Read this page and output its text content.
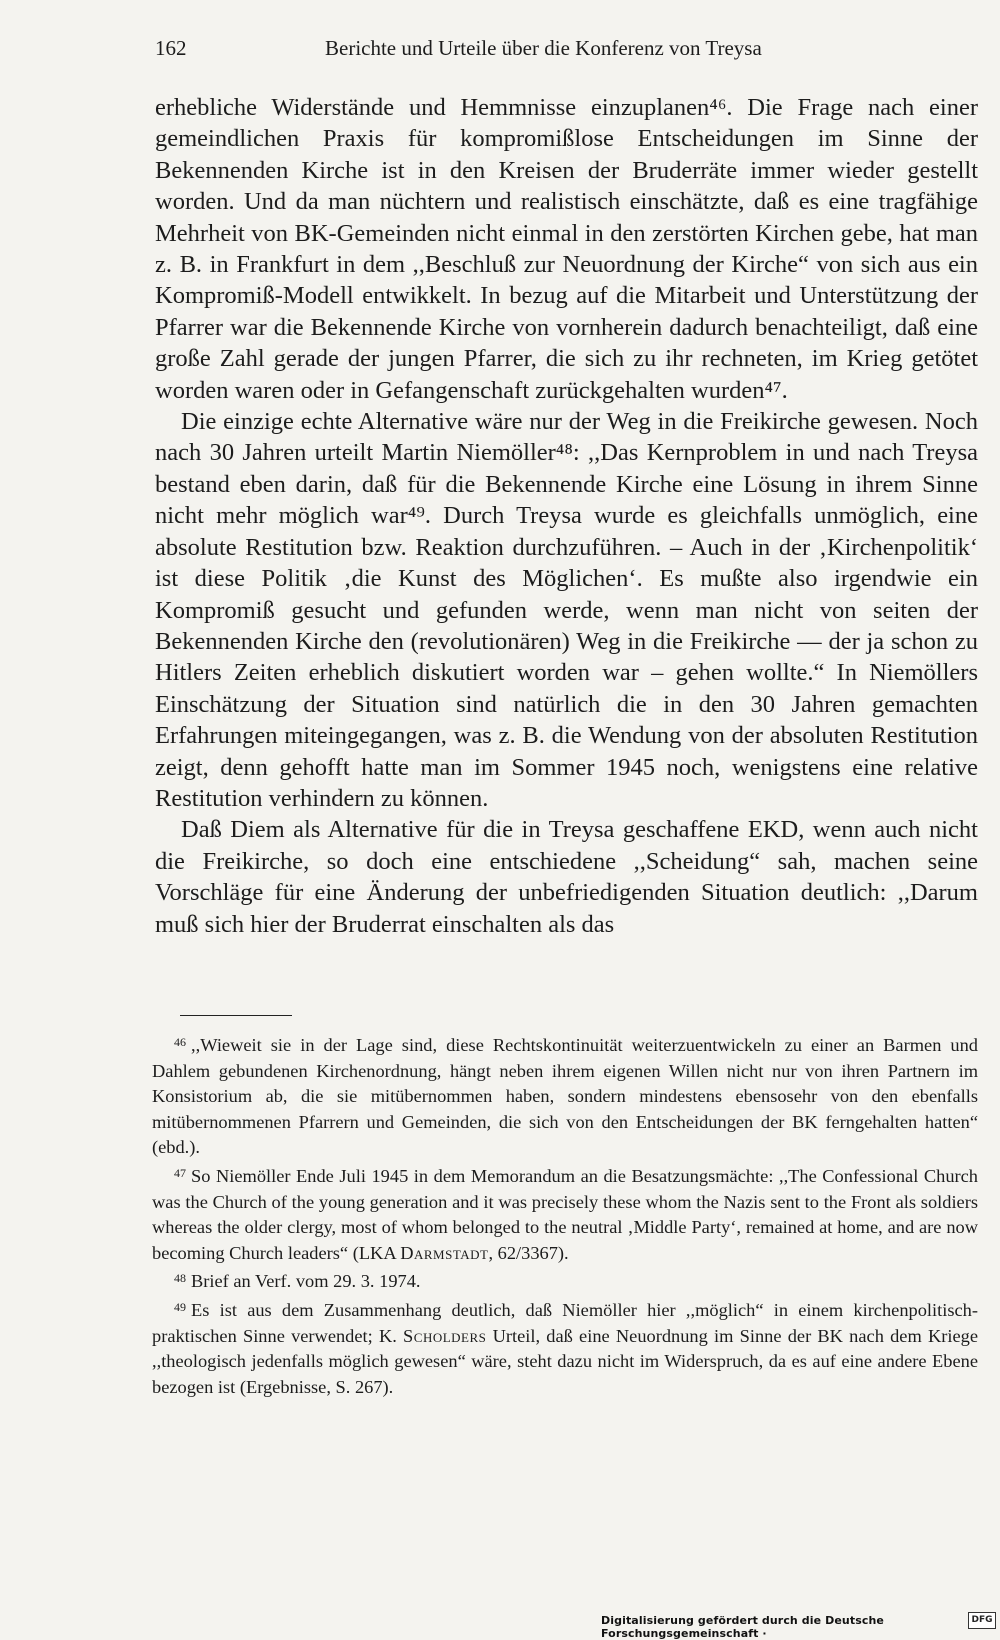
162	Berichte und Urteile über die Konferenz von Treysa

erhebliche Widerstände und Hemmnisse einzuplanen⁴⁶. Die Frage nach einer gemeindlichen Praxis für kompromißlose Entscheidungen im Sinne der Bekennenden Kirche ist in den Kreisen der Bruderräte immer wieder gestellt worden. Und da man nüchtern und realistisch einschätzte, daß es eine tragfähige Mehrheit von BK-Gemeinden nicht einmal in den zerstörten Kirchen gebe, hat man z. B. in Frankfurt in dem ,,Beschluß zur Neuordnung der Kirche“ von sich aus ein Kompromiß-Modell entwikkelt. In bezug auf die Mitarbeit und Unterstützung der Pfarrer war die Bekennende Kirche von vornherein dadurch benachteiligt, daß eine große Zahl gerade der jungen Pfarrer, die sich zu ihr rechneten, im Krieg getötet worden waren oder in Gefangenschaft zurückgehalten wurden⁴⁷.

Die einzige echte Alternative wäre nur der Weg in die Freikirche gewesen. Noch nach 30 Jahren urteilt Martin Niemöller⁴⁸: ,,Das Kernproblem in und nach Treysa bestand eben darin, daß für die Bekennende Kirche eine Lösung in ihrem Sinne nicht mehr möglich war⁴⁹. Durch Treysa wurde es gleichfalls unmöglich, eine absolute Restitution bzw. Reaktion durchzuführen. – Auch in der ‚Kirchenpolitik‘ ist diese Politik ‚die Kunst des Möglichen‘. Es mußte also irgendwie ein Kompromiß gesucht und gefunden werde, wenn man nicht von seiten der Bekennenden Kirche den (revolutionären) Weg in die Freikirche — der ja schon zu Hitlers Zeiten erheblich diskutiert worden war – gehen wollte.“ In Niemöllers Einschätzung der Situation sind natürlich die in den 30 Jahren gemachten Erfahrungen miteingegangen, was z. B. die Wendung von der absoluten Restitution zeigt, denn gehofft hatte man im Sommer 1945 noch, wenigstens eine relative Restitution verhindern zu können.

Daß Diem als Alternative für die in Treysa geschaffene EKD, wenn auch nicht die Freikirche, so doch eine entschiedene ,,Scheidung“ sah, machen seine Vorschläge für eine Änderung der unbefriedigenden Situation deutlich: ,,Darum muß sich hier der Bruderrat einschalten als das

$^{46}$ ,,Wieweit sie in der Lage sind, diese Rechtskontinuität weiterzuentwickeln zu einer an Barmen und Dahlem gebundenen Kirchenordnung, hängt neben ihrem eigenen Willen nicht nur von ihren Partnern im Konsistorium ab, die sie mitübernommen haben, sondern mindestens ebensosehr von den ebenfalls mitübernommenen Pfarrern und Gemeinden, die sich von den Entscheidungen der BK ferngehalten hatten“ (ebd.).

$^{47}$ So Niemöller Ende Juli 1945 in dem Memorandum an die Besatzungsmächte: ,,The Confessional Church was the Church of the young generation and it was precisely these whom the Nazis sent to the Front als soldiers whereas the older clergy, most of whom belonged to the neutral ‚Middle Party‘, remained at home, and are now becoming Church leaders“ (LKA Darmstadt, 62/3367).

$^{48}$ Brief an Verf. vom 29. 3. 1974.

$^{49}$ Es ist aus dem Zusammenhang deutlich, daß Niemöller hier ,,möglich“ in einem kirchenpolitisch-praktischen Sinne verwendet; K. Scholders Urteil, daß eine Neuordnung im Sinne der BK nach dem Kriege ,,theologisch jedenfalls möglich gewesen“ wäre, steht dazu nicht im Widerspruch, da es auf eine andere Ebene bezogen ist (Ergebnisse, S. 267).

Digitalisierung gefördert durch die Deutsche Forschungsgemeinschaft ·
DFG
